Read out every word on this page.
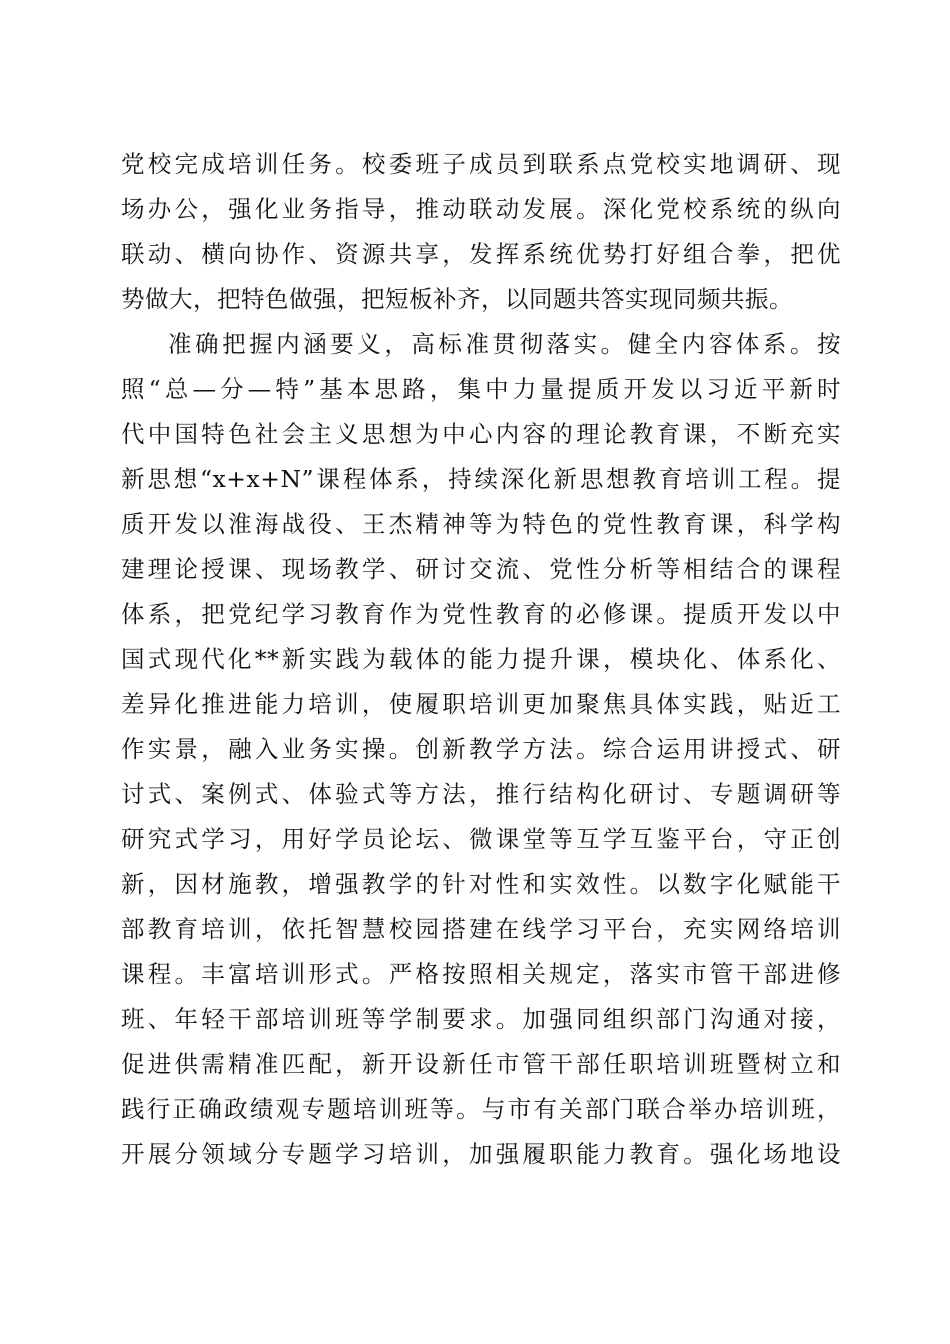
党校完成培训任务。校委班子成员到联系点党校实地调研、现
场办公，强化业务指导，推动联动发展。深化党校系统的纵向
联动、横向协作、资源共享，发挥系统优势打好组合拳，把优
势做大，把特色做强，把短板补齐，以同题共答实现同频共振。
准确把握内涵要义，高标准贯彻落实。健全内容体系。按
照“总—分—特”基本思路，集中力量提质开发以习近平新时
代中国特色社会主义思想为中心内容的理论教育课，不断充实
新思想“x+x+N”课程体系，持续深化新思想教育培训工程。提
质开发以淮海战役、王杰精神等为特色的党性教育课，科学构
建理论授课、现场教学、研讨交流、党性分析等相结合的课程
体系，把党纪学习教育作为党性教育的必修课。提质开发以中
国式现代化**新实践为载体的能力提升课，模块化、体系化、
差异化推进能力培训，使履职培训更加聚焦具体实践，贴近工
作实景，融入业务实操。创新教学方法。综合运用讲授式、研
讨式、案例式、体验式等方法，推行结构化研讨、专题调研等
研究式学习，用好学员论坛、微课堂等互学互鉴平台，守正创
新，因材施教，增强教学的针对性和实效性。以数字化赋能干
部教育培训，依托智慧校园搭建在线学习平台，充实网络培训
课程。丰富培训形式。严格按照相关规定，落实市管干部进修
班、年轻干部培训班等学制要求。加强同组织部门沟通对接，
促进供需精准匹配，新开设新任市管干部任职培训班暨树立和
践行正确政绩观专题培训班等。与市有关部门联合举办培训班，
开展分领域分专题学习培训，加强履职能力教育。强化场地设
